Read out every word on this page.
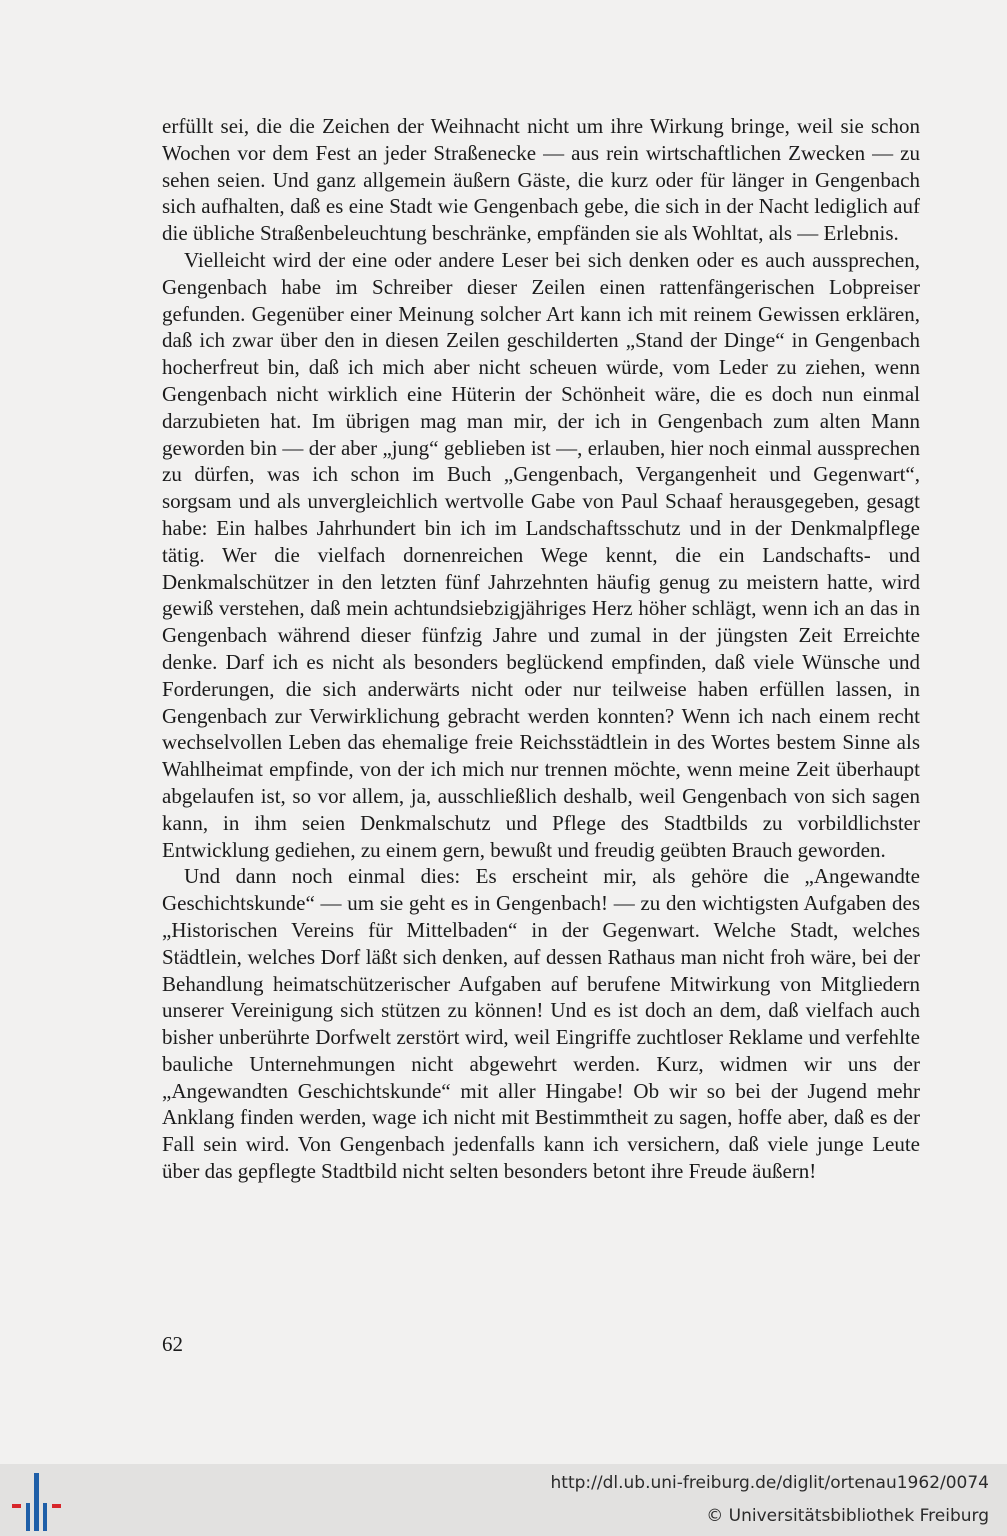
erfüllt sei, die die Zeichen der Weihnacht nicht um ihre Wirkung bringe, weil sie schon Wochen vor dem Fest an jeder Straßenecke — aus rein wirtschaftlichen Zwecken — zu sehen seien. Und ganz allgemein äußern Gäste, die kurz oder für länger in Gengenbach sich aufhalten, daß es eine Stadt wie Gengenbach gebe, die sich in der Nacht lediglich auf die übliche Straßenbeleuchtung beschränke, empfänden sie als Wohltat, als — Erlebnis.

Vielleicht wird der eine oder andere Leser bei sich denken oder es auch aussprechen, Gengenbach habe im Schreiber dieser Zeilen einen rattenfängerischen Lobpreiser gefunden. Gegenüber einer Meinung solcher Art kann ich mit reinem Gewissen erklären, daß ich zwar über den in diesen Zeilen geschilderten „Stand der Dinge“ in Gengenbach hocherfreut bin, daß ich mich aber nicht scheuen würde, vom Leder zu ziehen, wenn Gengenbach nicht wirklich eine Hüterin der Schönheit wäre, die es doch nun einmal darzubieten hat. Im übrigen mag man mir, der ich in Gengenbach zum alten Mann geworden bin — der aber „jung“ geblieben ist —, erlauben, hier noch einmal aussprechen zu dürfen, was ich schon im Buch „Gengenbach, Vergangenheit und Gegenwart“, sorgsam und als unvergleichlich wertvolle Gabe von Paul Schaaf herausgegeben, gesagt habe: Ein halbes Jahrhundert bin ich im Landschaftsschutz und in der Denkmalpflege tätig. Wer die vielfach dornenreichen Wege kennt, die ein Landschafts- und Denkmalschützer in den letzten fünf Jahrzehnten häufig genug zu meistern hatte, wird gewiß verstehen, daß mein achtundsiebzigjähriges Herz höher schlägt, wenn ich an das in Gengenbach während dieser fünfzig Jahre und zumal in der jüngsten Zeit Erreichte denke. Darf ich es nicht als besonders beglückend empfinden, daß viele Wünsche und Forderungen, die sich anderwärts nicht oder nur teilweise haben erfüllen lassen, in Gengenbach zur Verwirklichung gebracht werden konnten? Wenn ich nach einem recht wechselvollen Leben das ehemalige freie Reichsstädtlein in des Wortes bestem Sinne als Wahlheimat empfinde, von der ich mich nur trennen möchte, wenn meine Zeit überhaupt abgelaufen ist, so vor allem, ja, ausschließlich deshalb, weil Gengenbach von sich sagen kann, in ihm seien Denkmalschutz und Pflege des Stadtbilds zu vorbildlichster Entwicklung gediehen, zu einem gern, bewußt und freudig geübten Brauch geworden.

Und dann noch einmal dies: Es erscheint mir, als gehöre die „Angewandte Geschichtskunde“ — um sie geht es in Gengenbach! — zu den wichtigsten Aufgaben des „Historischen Vereins für Mittelbaden“ in der Gegenwart. Welche Stadt, welches Städtlein, welches Dorf läßt sich denken, auf dessen Rathaus man nicht froh wäre, bei der Behandlung heimatschützerischer Aufgaben auf berufene Mitwirkung von Mitgliedern unserer Vereinigung sich stützen zu können! Und es ist doch an dem, daß vielfach auch bisher unberührte Dorfwelt zerstört wird, weil Eingriffe zuchtloser Reklame und verfehlte bauliche Unternehmungen nicht abgewehrt werden. Kurz, widmen wir uns der „Angewandten Geschichtskunde“ mit aller Hingabe! Ob wir so bei der Jugend mehr Anklang finden werden, wage ich nicht mit Bestimmtheit zu sagen, hoffe aber, daß es der Fall sein wird. Von Gengenbach jedenfalls kann ich versichern, daß viele junge Leute über das gepflegte Stadtbild nicht selten besonders betont ihre Freude äußern!

62
http://dl.ub.uni-freiburg.de/diglit/ortenau1962/0074
© Universitätsbibliothek Freiburg
